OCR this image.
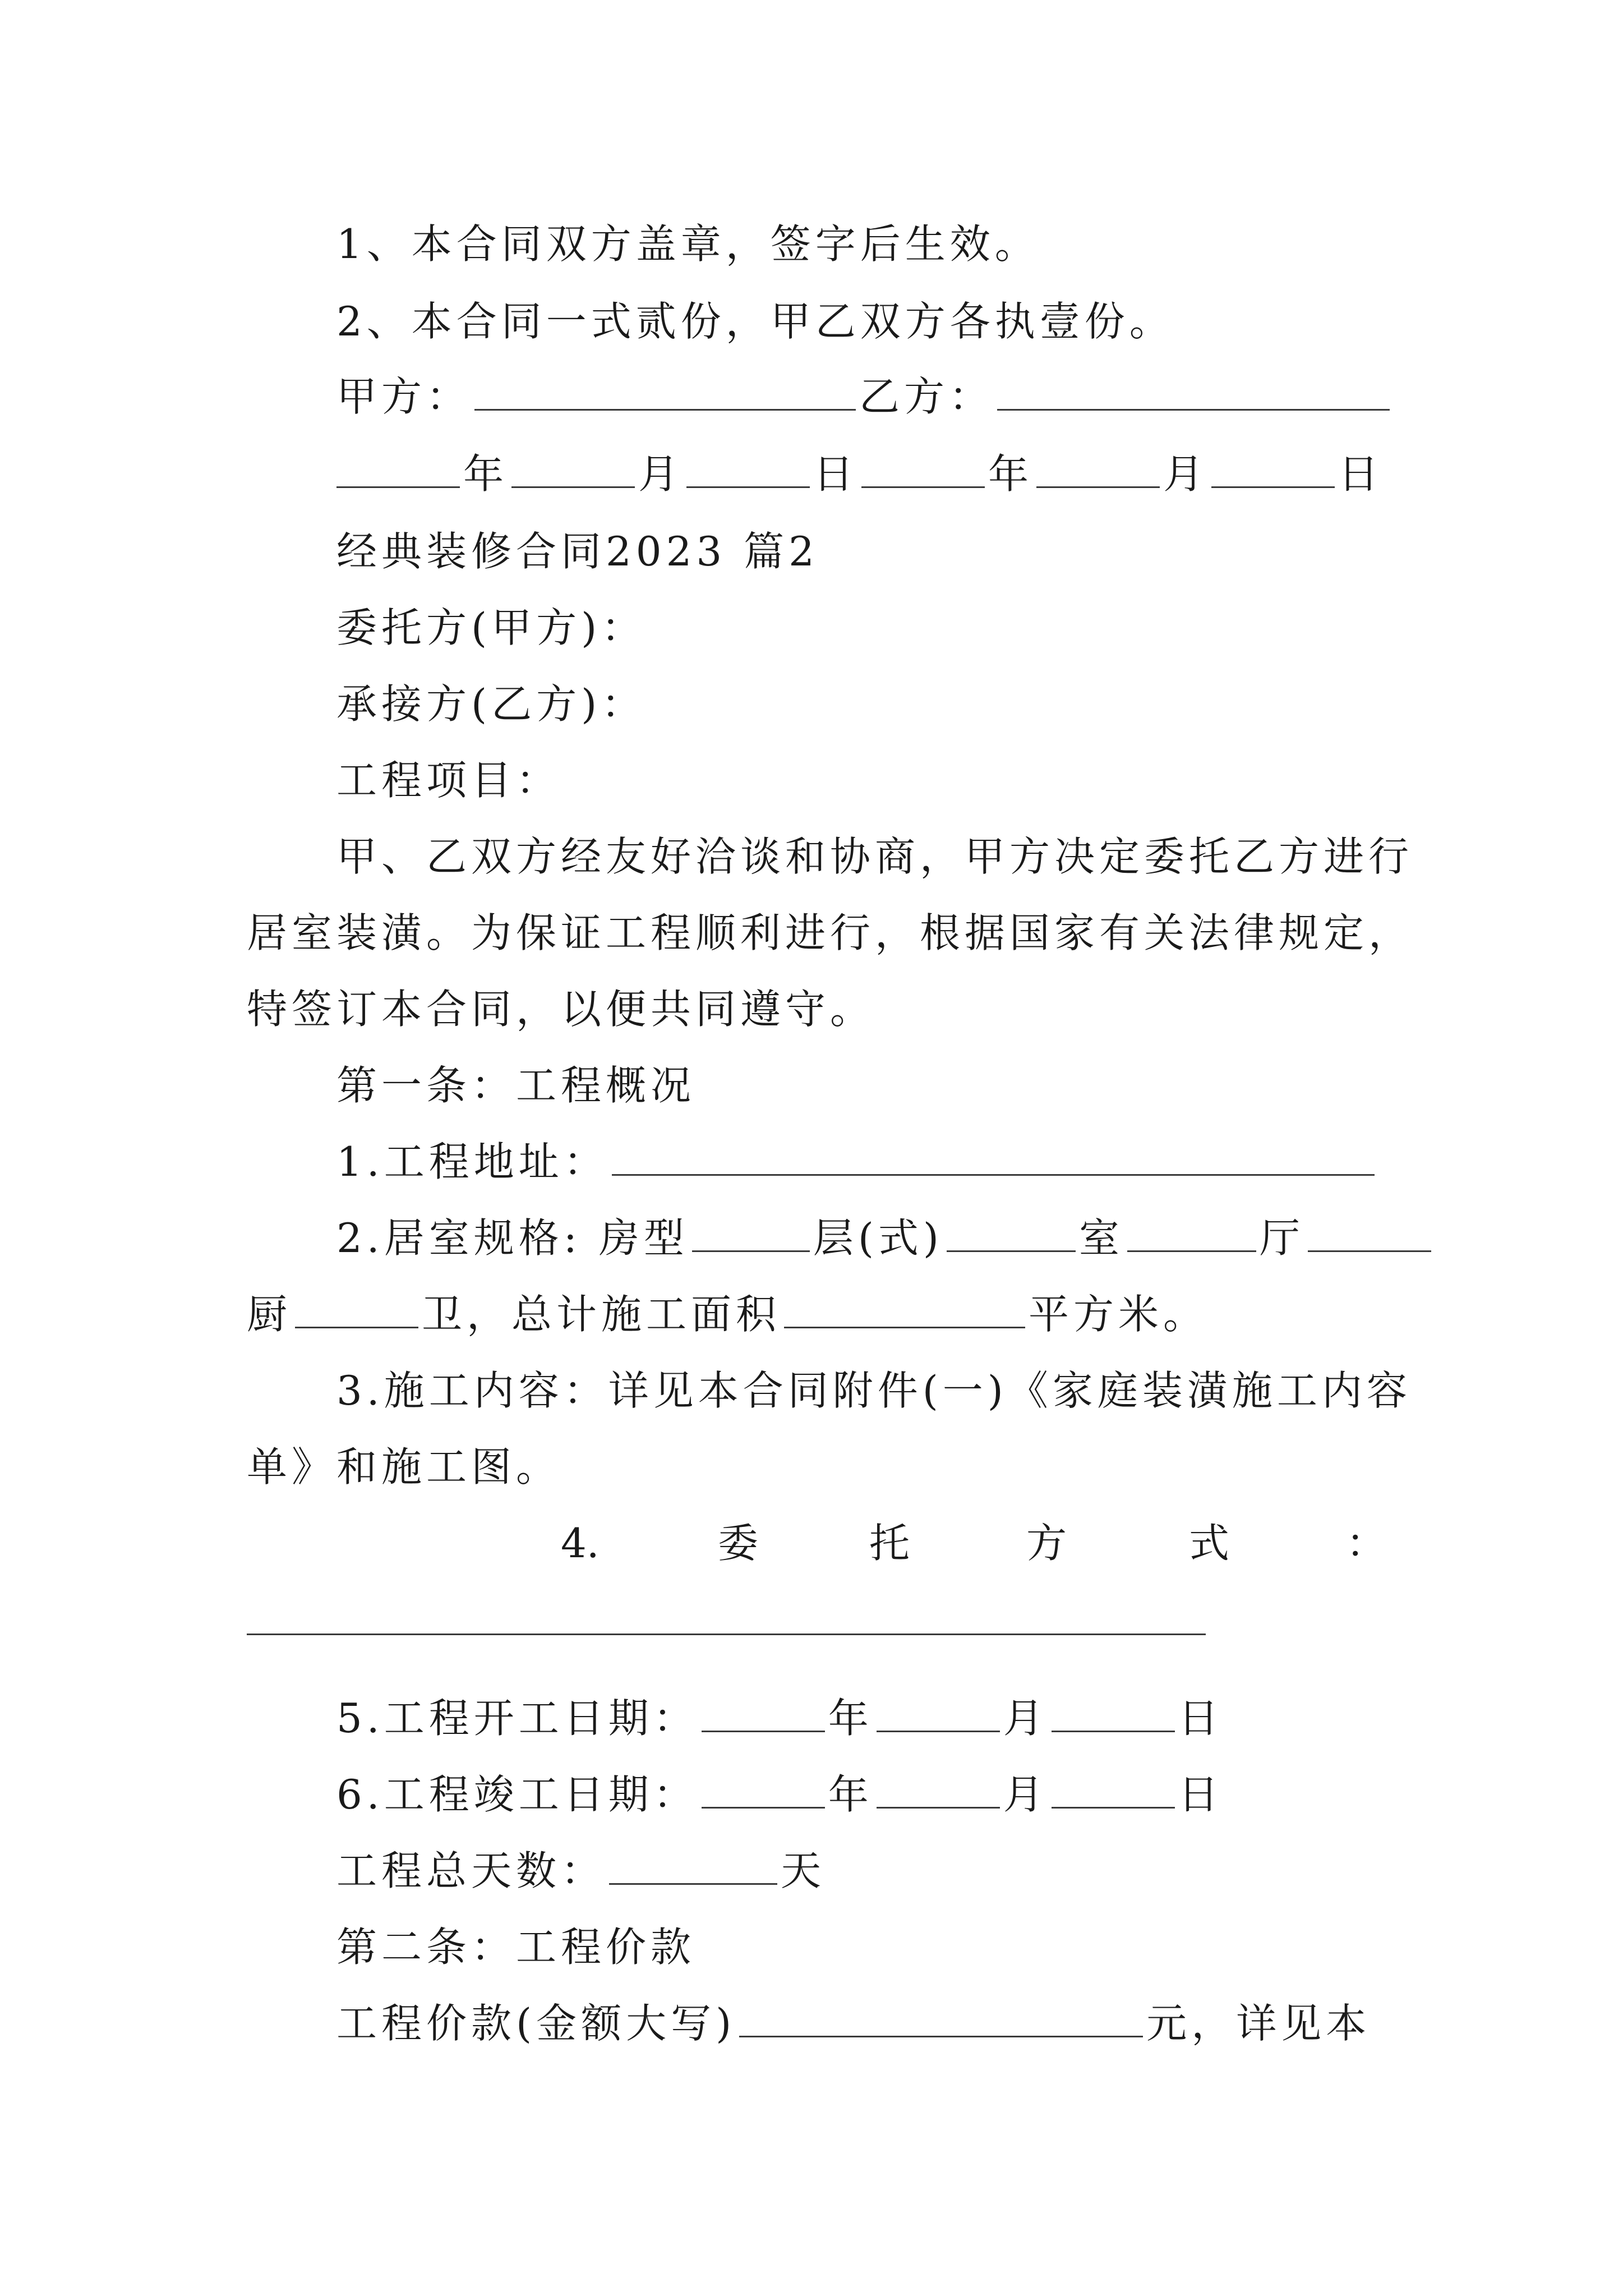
1、本合同双方盖章，签字后生效。
2、本合同一式贰份，甲乙双方各执壹份。
甲方：	乙方：
年	月	日	年	月	日
经典装修合同2023 篇2
委托方(甲方)：
承接方(乙方)：
工程项目：
甲、乙双方经友好洽谈和协商，甲方决定委托乙方进行
居室装潢。为保证工程顺利进行，根据国家有关法律规定，
特签订本合同，以便共同遵守。
第一条：工程概况
1.工程地址：
2.居室规格: 房型	层(式)	室	厅
厨	卫，总计施工面积	平方米。
3.施工内容：详见本合同附件(一)《家庭装潢施工内容
单》和施工图。
4.	委	托	方	式	：
5.工程开工日期：	年	月	日
6.工程竣工日期：	年	月	日
工程总天数：	天
第二条：工程价款
工程价款(金额大写)	元，详见本
